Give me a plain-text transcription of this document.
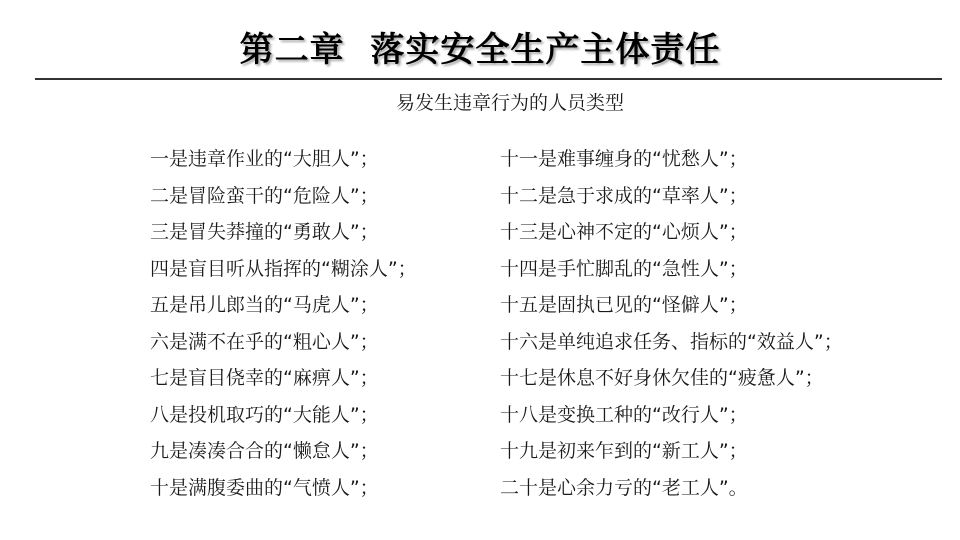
第二章  落实安全生产主体责任
易发生违章行为的人员类型
一是违章作业的“大胆人”；
二是冒险蛮干的“危险人”；
三是冒失莽撞的“勇敢人”；
四是盲目听从指挥的“糊涂人”；
五是吊儿郎当的“马虎人”；
六是满不在乎的“粗心人”；
七是盲目侥幸的“麻痹人”；
八是投机取巧的“大能人”；
九是凑凑合合的“懒怠人”；
十是满腹委曲的“气愤人”；
十一是难事缠身的“忧愁人”；
十二是急于求成的“草率人”；
十三是心神不定的“心烦人”；
十四是手忙脚乱的“急性人”；
十五是固执已见的“怪僻人”；
十六是单纯追求任务、指标的“效益人”；
十七是休息不好身休欠佳的“疲惫人”；
十八是变换工种的“改行人”；
十九是初来乍到的“新工人”；
二十是心余力亏的“老工人”。
